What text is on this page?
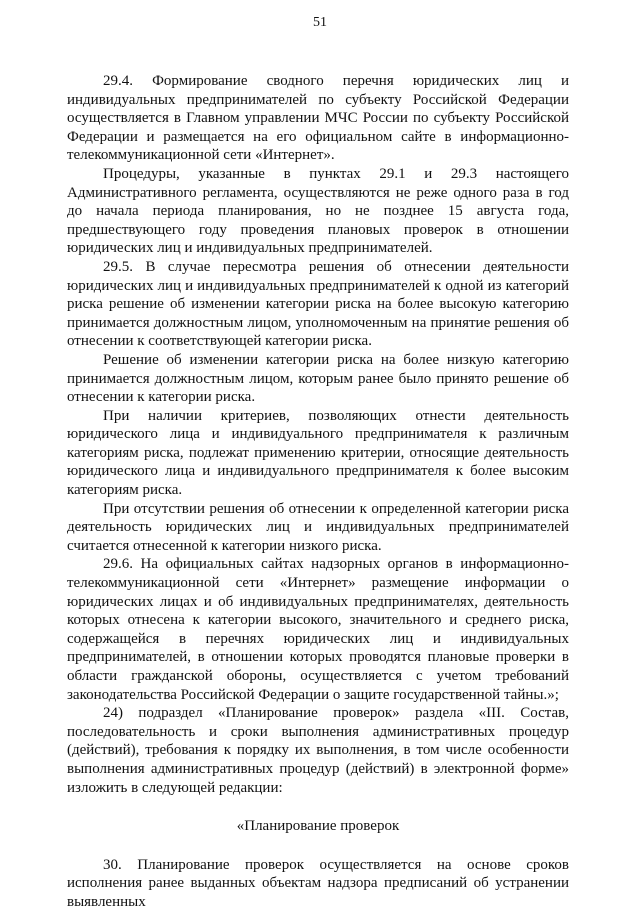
51

29.4. Формирование сводного перечня юридических лиц и индивидуальных предпринимателей по субъекту Российской Федерации осуществляется в Главном управлении МЧС России по субъекту Российской Федерации и размещается на его официальном сайте в информационно-телекоммуникационной сети «Интернет».

Процедуры, указанные в пунктах 29.1 и 29.3 настоящего Административного регламента, осуществляются не реже одного раза в год до начала периода планирования, но не позднее 15 августа года, предшествующего году проведения плановых проверок в отношении юридических лиц и индивидуальных предпринимателей.

29.5. В случае пересмотра решения об отнесении деятельности юридических лиц и индивидуальных предпринимателей к одной из категорий риска решение об изменении категории риска на более высокую категорию принимается должностным лицом, уполномоченным на принятие решения об отнесении к соответствующей категории риска.

Решение об изменении категории риска на более низкую категорию принимается должностным лицом, которым ранее было принято решение об отнесении к категории риска.

При наличии критериев, позволяющих отнести деятельность юридического лица и индивидуального предпринимателя к различным категориям риска, подлежат применению критерии, относящие деятельность юридического лица и индивидуального предпринимателя к более высоким категориям риска.

При отсутствии решения об отнесении к определенной категории риска деятельность юридических лиц и индивидуальных предпринимателей считается отнесенной к категории низкого риска.

29.6. На официальных сайтах надзорных органов в информационно-телекоммуникационной сети «Интернет» размещение информации о юридических лицах и об индивидуальных предпринимателях, деятельность которых отнесена к категории высокого, значительного и среднего риска, содержащейся в перечнях юридических лиц и индивидуальных предпринимателей, в отношении которых проводятся плановые проверки в области гражданской обороны, осуществляется с учетом требований законодательства Российской Федерации о защите государственной тайны.»;

24) подраздел «Планирование проверок» раздела «III. Состав, последовательность и сроки выполнения административных процедур (действий), требования к порядку их выполнения, в том числе особенности выполнения административных процедур (действий) в электронной форме» изложить в следующей редакции:

«Планирование проверок

30. Планирование проверок осуществляется на основе сроков исполнения ранее выданных объектам надзора предписаний об устранении выявленных
